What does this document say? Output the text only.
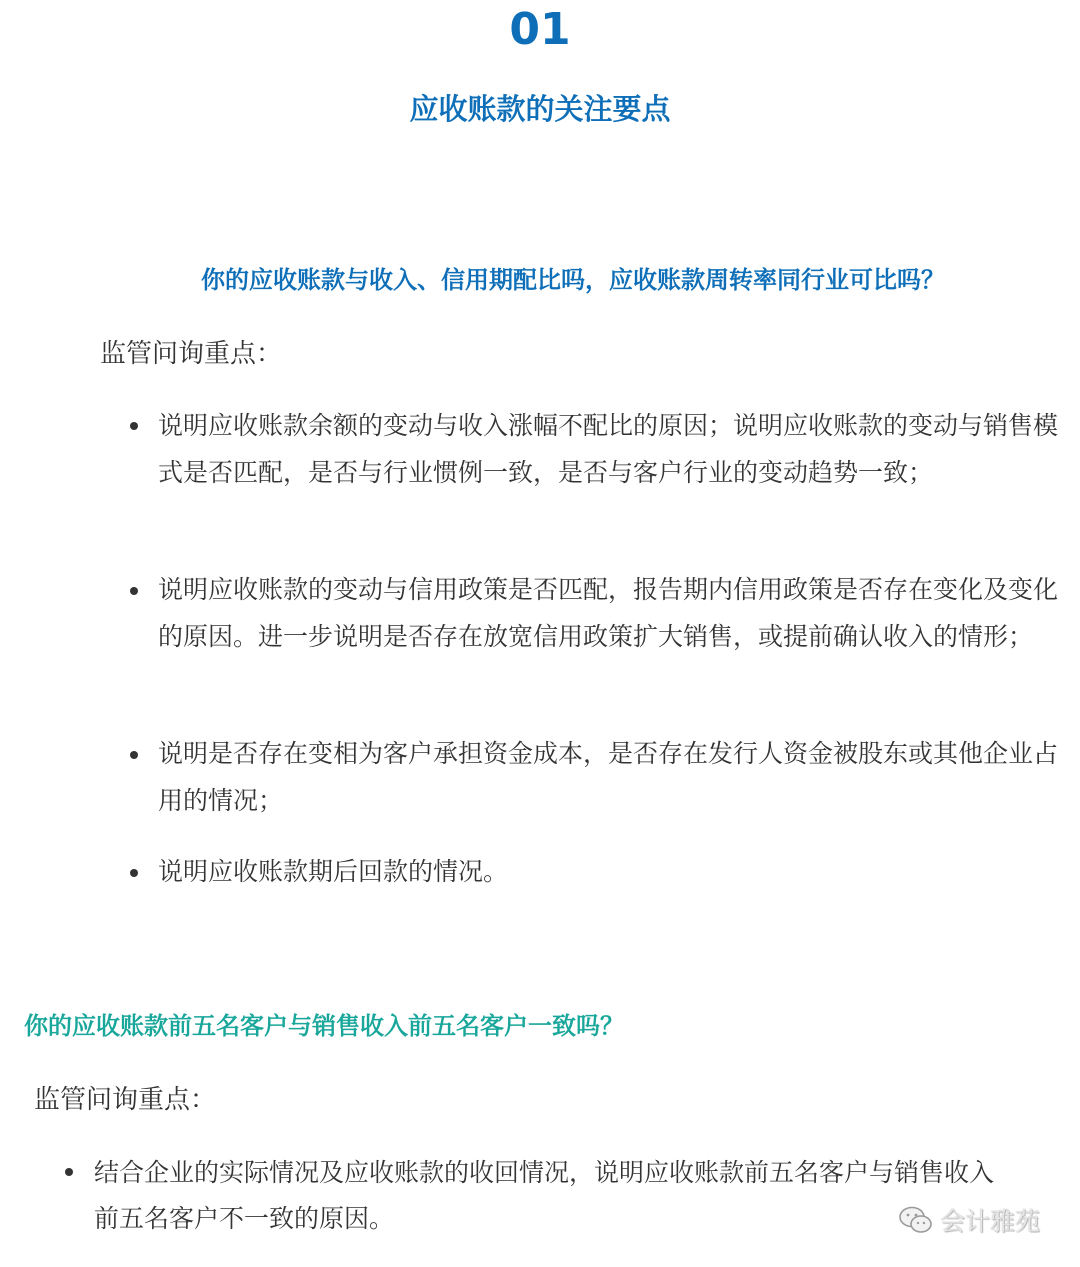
01
应收账款的关注要点
你的应收账款与收入、信用期配比吗，应收账款周转率同行业可比吗？
监管问询重点：
说明应收账款余额的变动与收入涨幅不配比的原因；说明应收账款的变动与销售模式是否匹配，是否与行业惯例一致，是否与客户行业的变动趋势一致；
说明应收账款的变动与信用政策是否匹配，报告期内信用政策是否存在变化及变化的原因。进一步说明是否存在放宽信用政策扩大销售，或提前确认收入的情形；
说明是否存在变相为客户承担资金成本，是否存在发行人资金被股东或其他企业占用的情况；
说明应收账款期后回款的情况。
你的应收账款前五名客户与销售收入前五名客户一致吗？
监管问询重点：
结合企业的实际情况及应收账款的收回情况，说明应收账款前五名客户与销售收入前五名客户不一致的原因。	会计雅苑
